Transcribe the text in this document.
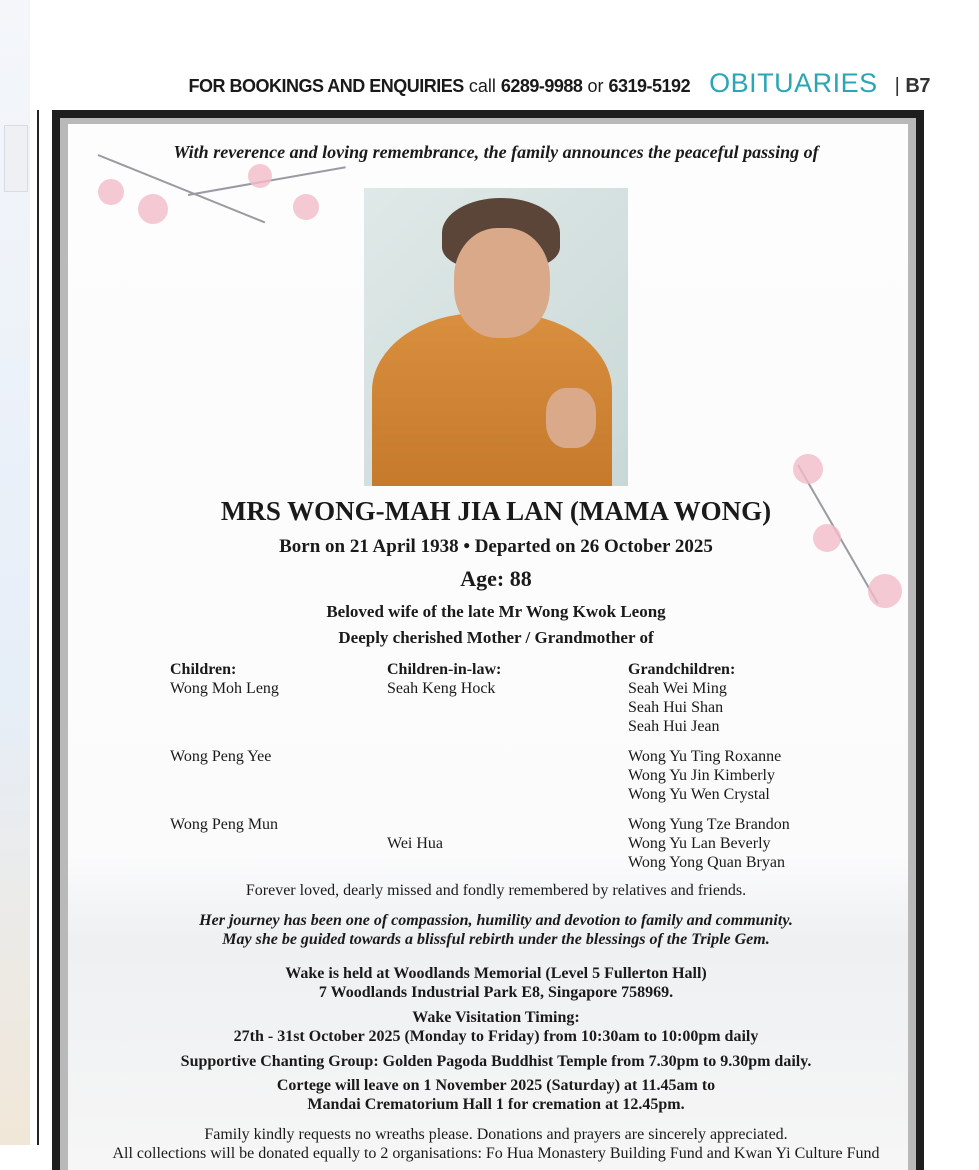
FOR BOOKINGS AND ENQUIRIES call 6289-9988 or 6319-5192 OBITUARIES | B7
With reverence and loving remembrance, the family announces the peaceful passing of
MRS WONG-MAH JIA LAN (MAMA WONG)
Born on 21 April 1938 • Departed on 26 October 2025
Age: 88
Beloved wife of the late Mr Wong Kwok Leong
Deeply cherished Mother / Grandmother of
Children:
Wong Moh Leng
Wong Peng Yee
Wong Peng Mun
Children-in-law:
Seah Keng Hock
Wei Hua
Grandchildren:
Seah Wei Ming
Seah Hui Shan
Seah Hui Jean
Wong Yu Ting Roxanne
Wong Yu Jin Kimberly
Wong Yu Wen Crystal
Wong Yung Tze Brandon
Wong Yu Lan Beverly
Wong Yong Quan Bryan
Forever loved, dearly missed and fondly remembered by relatives and friends.
Her journey has been one of compassion, humility and devotion to family and community.
May she be guided towards a blissful rebirth under the blessings of the Triple Gem.
Wake is held at Woodlands Memorial (Level 5 Fullerton Hall)
7 Woodlands Industrial Park E8, Singapore 758969.
Wake Visitation Timing:
27th - 31st October 2025 (Monday to Friday) from 10:30am to 10:00pm daily
Supportive Chanting Group: Golden Pagoda Buddhist Temple from 7.30pm to 9.30pm daily.
Cortege will leave on 1 November 2025 (Saturday) at 11.45am to
Mandai Crematorium Hall 1 for cremation at 12.45pm.
Family kindly requests no wreaths please. Donations and prayers are sincerely appreciated.
All collections will be donated equally to 2 organisations: Fo Hua Monastery Building Fund and Kwan Yi Culture Fund
